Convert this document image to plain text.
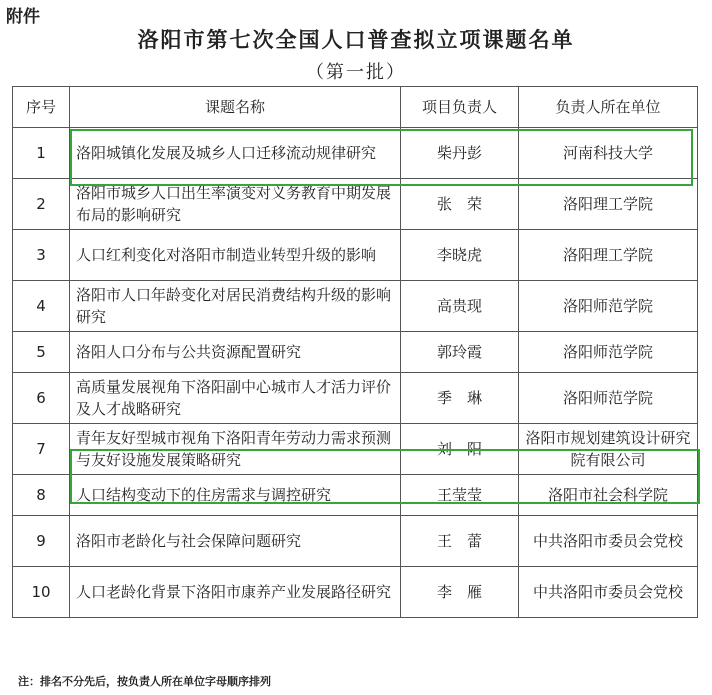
附件
洛阳市第七次全国人口普查拟立项课题名单
（第一批）
序号	课题名称	项目负责人	负责人所在单位
1	洛阳城镇化发展及城乡人口迁移流动规律研究	柴丹彭	河南科技大学
2	洛阳市城乡人口出生率演变对义务教育中期发展布局的影响研究	张　荣	洛阳理工学院
3	人口红利变化对洛阳市制造业转型升级的影响	李晓虎	洛阳理工学院
4	洛阳市人口年龄变化对居民消费结构升级的影响研究	高贵现	洛阳师范学院
5	洛阳人口分布与公共资源配置研究	郭玲霞	洛阳师范学院
6	高质量发展视角下洛阳副中心城市人才活力评价及人才战略研究	季　琳	洛阳师范学院
7	青年友好型城市视角下洛阳青年劳动力需求预测与友好设施发展策略研究	刘　阳	洛阳市规划建筑设计研究院有限公司
8	人口结构变动下的住房需求与调控研究	王莹莹	洛阳市社会科学院
9	洛阳市老龄化与社会保障问题研究	王　蕾	中共洛阳市委员会党校
10	人口老龄化背景下洛阳市康养产业发展路径研究	李　雁	中共洛阳市委员会党校
注：排名不分先后，按负责人所在单位字母顺序排列
